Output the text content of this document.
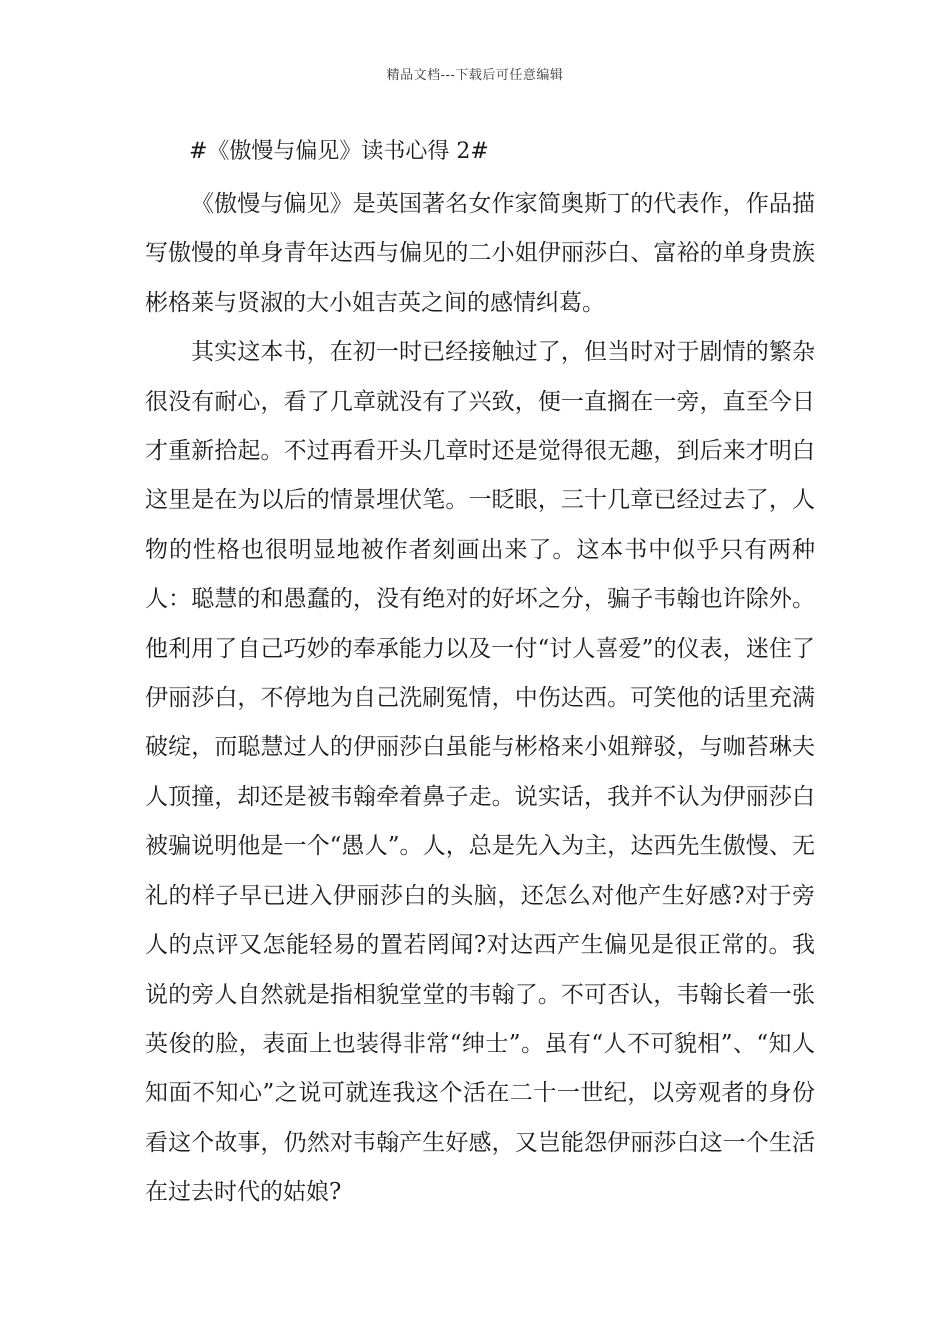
精品文档---下载后可任意编辑
#《傲慢与偏见》读书心得 2#

《傲慢与偏见》是英国著名女作家简奥斯丁的代表作，作品描写傲慢的单身青年达西与偏见的二小姐伊丽莎白、富裕的单身贵族彬格莱与贤淑的大小姐吉英之间的感情纠葛。

其实这本书，在初一时已经接触过了，但当时对于剧情的繁杂很没有耐心，看了几章就没有了兴致，便一直搁在一旁，直至今日才重新拾起。不过再看开头几章时还是觉得很无趣，到后来才明白这里是在为以后的情景埋伏笔。一眨眼，三十几章已经过去了，人物的性格也很明显地被作者刻画出来了。这本书中似乎只有两种人：聪慧的和愚蠢的，没有绝对的好坏之分，骗子韦翰也许除外。他利用了自己巧妙的奉承能力以及一付“讨人喜爱”的仪表，迷住了伊丽莎白，不停地为自己洗刷冤情，中伤达西。可笑他的话里充满破绽，而聪慧过人的伊丽莎白虽能与彬格来小姐辩驳，与咖苔琳夫人顶撞，却还是被韦翰牵着鼻子走。说实话，我并不认为伊丽莎白被骗说明他是一个“愚人”。人，总是先入为主，达西先生傲慢、无礼的样子早已进入伊丽莎白的头脑，还怎么对他产生好感?对于旁人的点评又怎能轻易的置若罔闻?对达西产生偏见是很正常的。我说的旁人自然就是指相貌堂堂的韦翰了。不可否认，韦翰长着一张英俊的脸，表面上也装得非常“绅士”。虽有“人不可貌相”、“知人知面不知心”之说可就连我这个活在二十一世纪，以旁观者的身份看这个故事，仍然对韦翰产生好感，又岂能怨伊丽莎白这一个生活在过去时代的姑娘?
